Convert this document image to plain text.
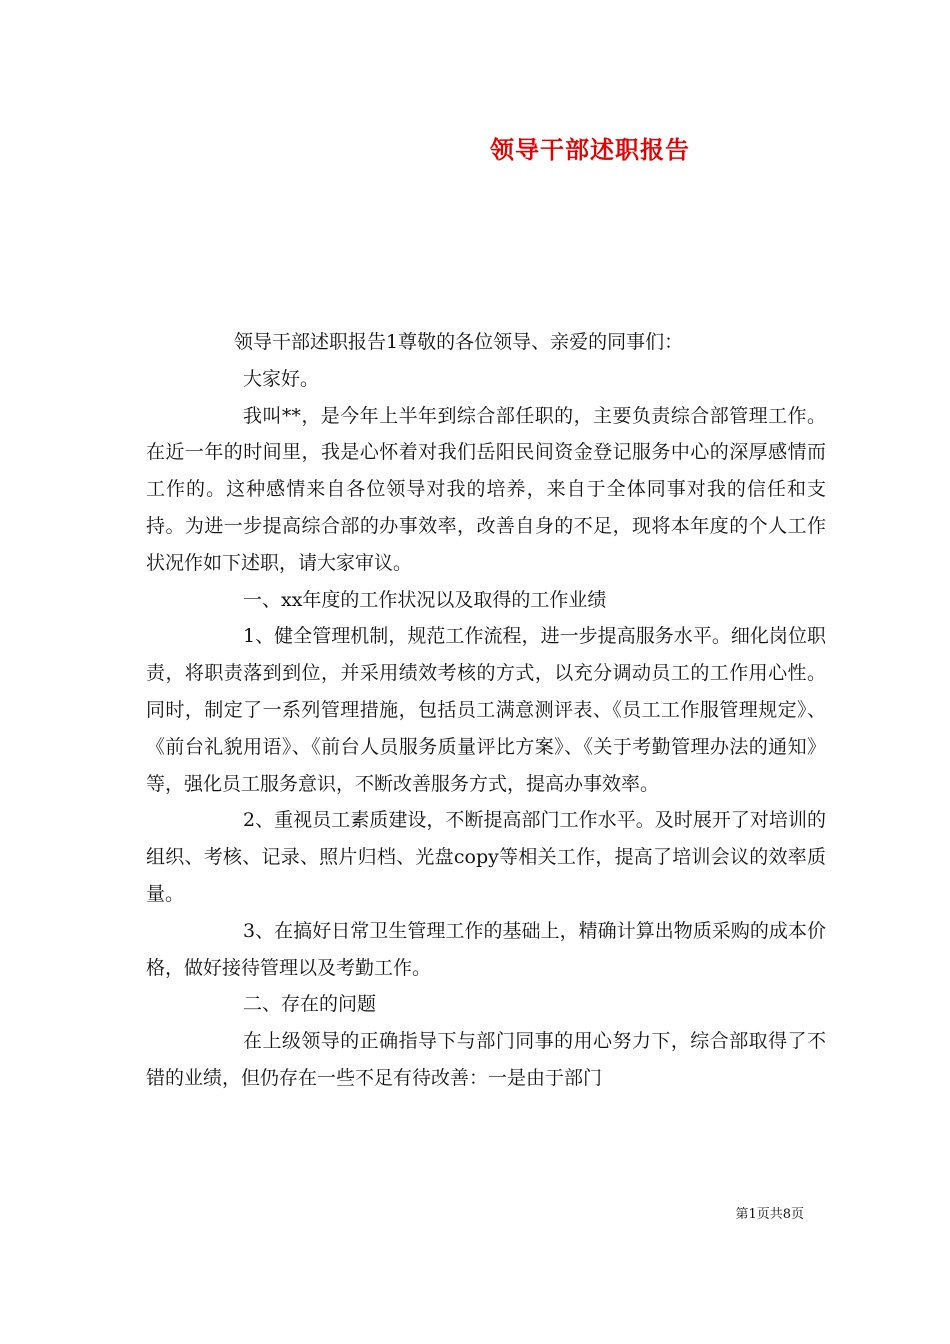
领导干部述职报告

领导干部述职报告1尊敬的各位领导、亲爱的同事们：

大家好。

我叫**，是今年上半年到综合部任职的，主要负责综合部管理工作。在近一年的时间里，我是心怀着对我们岳阳民间资金登记服务中心的深厚感情而工作的。这种感情来自各位领导对我的培养，来自于全体同事对我的信任和支持。为进一步提高综合部的办事效率，改善自身的不足，现将本年度的个人工作状况作如下述职，请大家审议。

一、xx年度的工作状况以及取得的工作业绩

1、健全管理机制，规范工作流程，进一步提高服务水平。细化岗位职责，将职责落到到位，并采用绩效考核的方式，以充分调动员工的工作用心性。同时，制定了一系列管理措施，包括员工满意测评表、《员工工作服管理规定》、《前台礼貌用语》、《前台人员服务质量评比方案》、《关于考勤管理办法的通知》等，强化员工服务意识，不断改善服务方式，提高办事效率。

2、重视员工素质建设，不断提高部门工作水平。及时展开了对培训的组织、考核、记录、照片归档、光盘copy等相关工作，提高了培训会议的效率质量。

3、在搞好日常卫生管理工作的基础上，精确计算出物质采购的成本价格，做好接待管理以及考勤工作。

二、存在的问题

在上级领导的正确指导下与部门同事的用心努力下，综合部取得了不错的业绩，但仍存在一些不足有待改善：一是由于部门

第1页共8页
